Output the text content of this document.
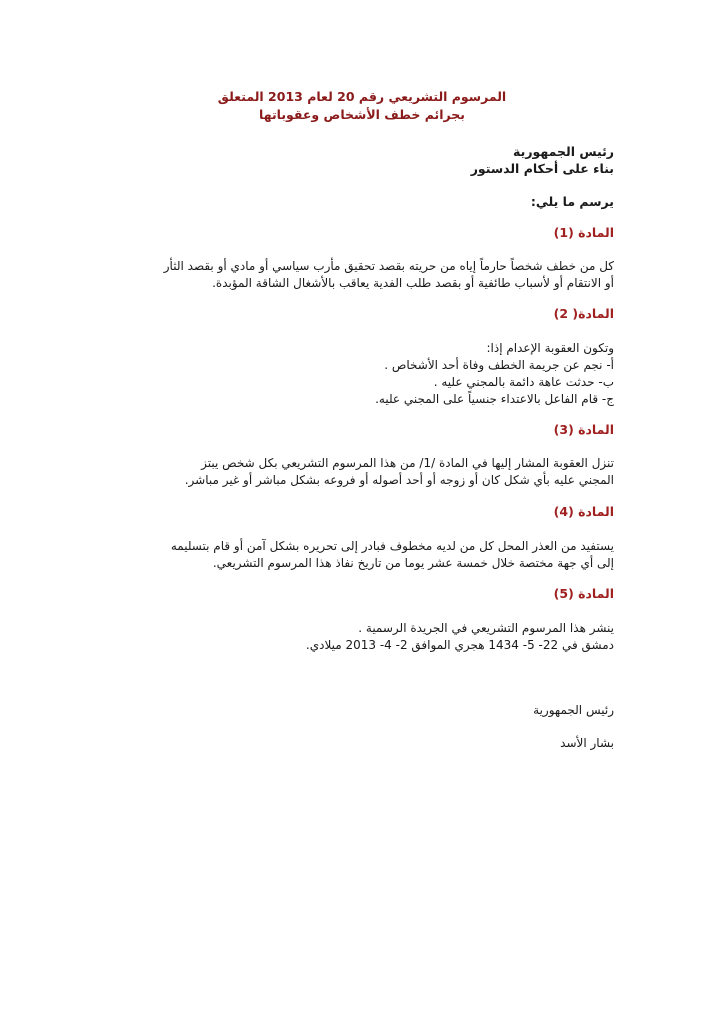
المرسوم التشريعي رقم 20 لعام 2013 المتعلق
بجرائم خطف الأشخاص وعقوباتها
رئيس الجمهورية
بناء على أحكام الدستور
يرسم ما يلي:
المادة (1)
كل من خطف شخصاً حارماً إياه من حريته بقصد تحقيق مأرب سياسي أو مادي أو بقصد الثأر
أو الانتقام أو لأسباب طائفية أو بقصد طلب الفدية يعاقب بالأشغال الشاقة المؤبدة.
المادة( 2)
وتكون العقوبة الإعدام إذا:
أ- نجم عن جريمة الخطف وفاة أحد الأشخاص .
ب- حدثت عاهة دائمة بالمجني عليه .
ج- قام الفاعل بالاعتداء جنسياً على المجني عليه.
المادة (3)
تنزل العقوبة المشار إليها في المادة /1/ من هذا المرسوم التشريعي بكل شخص يبتز
المجني عليه بأي شكل كان أو زوجه أو أحد أصوله أو فروعه بشكل مباشر أو غير مباشر.
المادة (4)
يستفيد من العذر المحل كل من لديه مخطوف فبادر إلى تحريره بشكل آمن أو قام بتسليمه
إلى أي جهة مختصة خلال خمسة عشر يوما من تاريخ نفاذ هذا المرسوم التشريعي.
المادة (5)
ينشر هذا المرسوم التشريعي في الجريدة الرسمية .
دمشق في 22- 5- 1434 هجري الموافق 2- 4- 2013 ميلادي.
رئيس الجمهورية
بشار الأسد
